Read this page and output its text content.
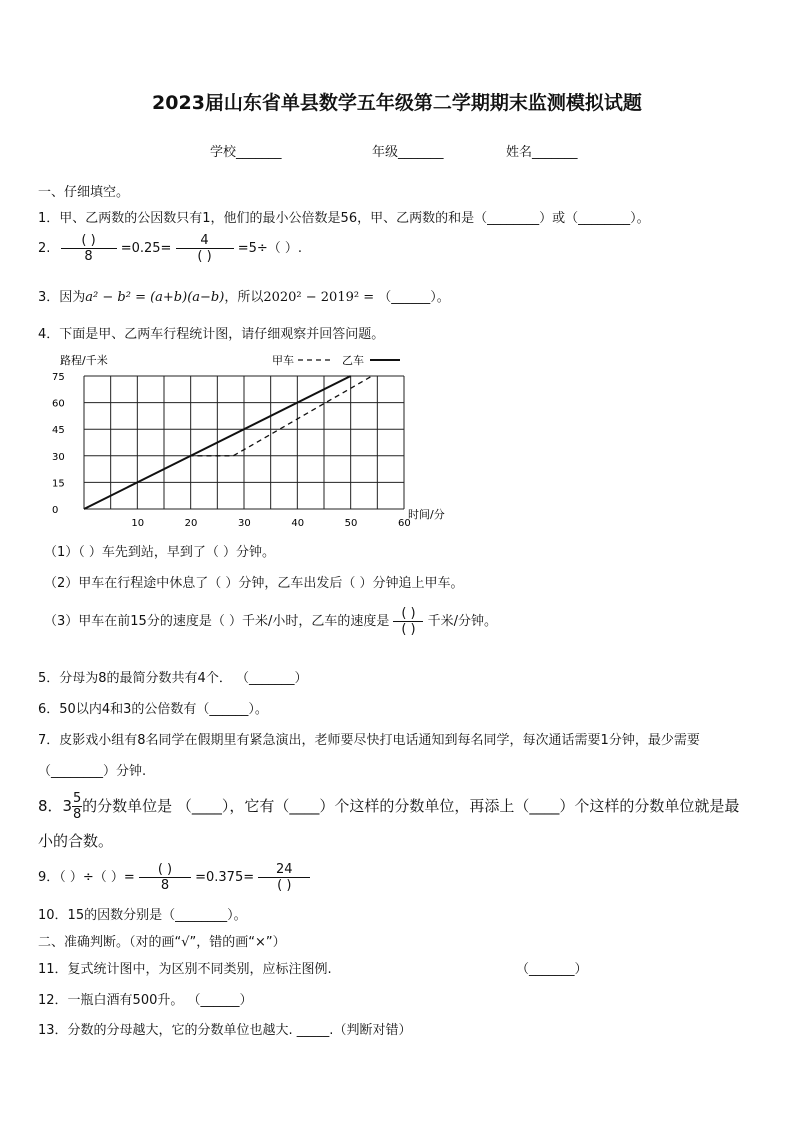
2023届山东省单县数学五年级第二学期期末监测模拟试题
学校_______	年级_______	姓名_______
一、仔细填空。
1．甲、乙两数的公因数只有1，他们的最小公倍数是56，甲、乙两数的和是（________）或（________）。
2. $\frac{( )}{8} =0.25= \frac{4}{( )} =5\div$（ ）.
3．因为a² − b² = (a+b)(a−b)，所以2020² − 2019² = （______）。
4．下面是甲、乙两车行程统计图，请仔细观察并回答问题。
0
15
30
45
60
75
10	20	30	40	50	60
路程/千米
时间/分
甲车	乙车
（1）（ ）车先到站，早到了（ ）分钟。
（2）甲车在行程途中休息了（ ）分钟，乙车出发后（ ）分钟追上甲车。
（3）甲车在前15分的速度是（ ）千米/小时，乙车的速度是 $\frac{( )}{( )}$ 千米/分钟。
5．分母为8的最简分数共有4个． （_______）
6．50以内4和3的公倍数有（______）。
7．皮影戏小组有8名同学在假期里有紧急演出，老师要尽快打电话通知到每名同学，每次通话需要1分钟，最少需要
（________）分钟.
8．$3 \frac{5}{8}$ 的分数单位是 （____），它有（____）个这样的分数单位，再添上（____）个这样的分数单位就是最
小的合数。
9．（ ）÷（ ）= $\frac{( )}{8} =0.375= \frac{24}{( )}$
10．15的因数分别是（________）。
二、准确判断。（对的画“√”，错的画“×”）
11．复式统计图中，为区别不同类别，应标注图例.	（_______）
12．一瓶白酒有500升。 （______）
13．分数的分母越大，它的分数单位也越大. _____.（判断对错）
